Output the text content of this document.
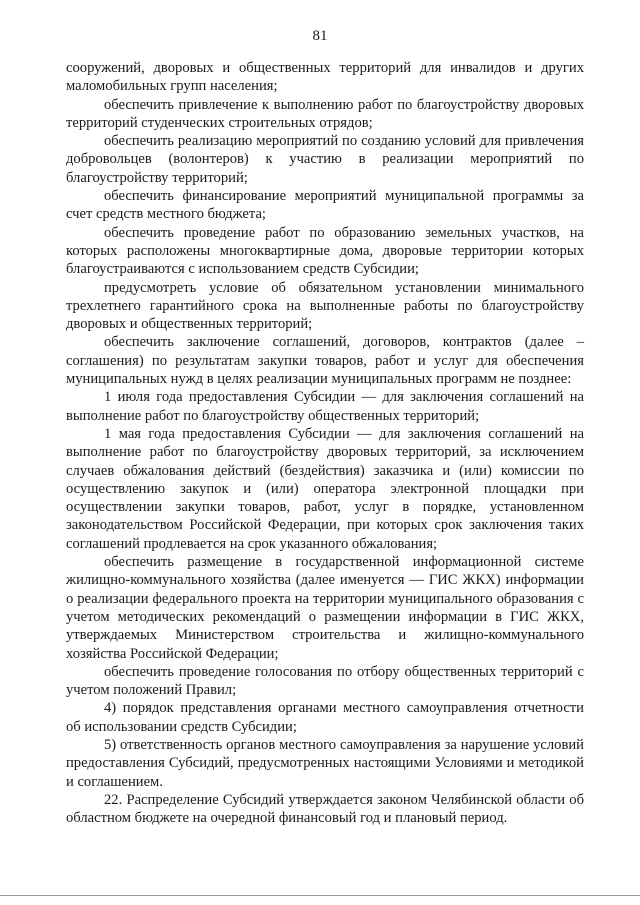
81

сооружений, дворовых и общественных территорий для инвалидов и других маломобильных групп населения;

обеспечить привлечение к выполнению работ по благоустройству дворовых территорий студенческих строительных отрядов;

обеспечить реализацию мероприятий по созданию условий для привлечения добровольцев (волонтеров) к участию в реализации мероприятий по благоустройству территорий;

обеспечить финансирование мероприятий муниципальной программы за счет средств местного бюджета;

обеспечить проведение работ по образованию земельных участков, на которых расположены многоквартирные дома, дворовые территории которых благоустраиваются с использованием средств Субсидии;

предусмотреть условие об обязательном установлении минимального трехлетнего гарантийного срока на выполненные работы по благоустройству дворовых и общественных территорий;

обеспечить заключение соглашений, договоров, контрактов (далее – соглашения) по результатам закупки товаров, работ и услуг для обеспечения муниципальных нужд в целях реализации муниципальных программ не позднее:

1 июля года предоставления Субсидии — для заключения соглашений на выполнение работ по благоустройству общественных территорий;

1 мая года предоставления Субсидии — для заключения соглашений на выполнение работ по благоустройству дворовых территорий, за исключением случаев обжалования действий (бездействия) заказчика и (или) комиссии по осуществлению закупок и (или) оператора электронной площадки при осуществлении закупки товаров, работ, услуг в порядке, установленном законодательством Российской Федерации, при которых срок заключения таких соглашений продлевается на срок указанного обжалования;

обеспечить размещение в государственной информационной системе жилищно-коммунального хозяйства (далее именуется — ГИС ЖКХ) информации о реализации федерального проекта на территории муниципального образования с учетом методических рекомендаций о размещении информации в ГИС ЖКХ, утверждаемых Министерством строительства и жилищно-коммунального хозяйства Российской Федерации;

обеспечить проведение голосования по отбору общественных территорий с учетом положений Правил;

4) порядок представления органами местного самоуправления отчетности об использовании средств Субсидии;

5) ответственность органов местного самоуправления за нарушение условий предоставления Субсидий, предусмотренных настоящими Условиями и методикой и соглашением.

22. Распределение Субсидий утверждается законом Челябинской области об областном бюджете на очередной финансовый год и плановый период.
